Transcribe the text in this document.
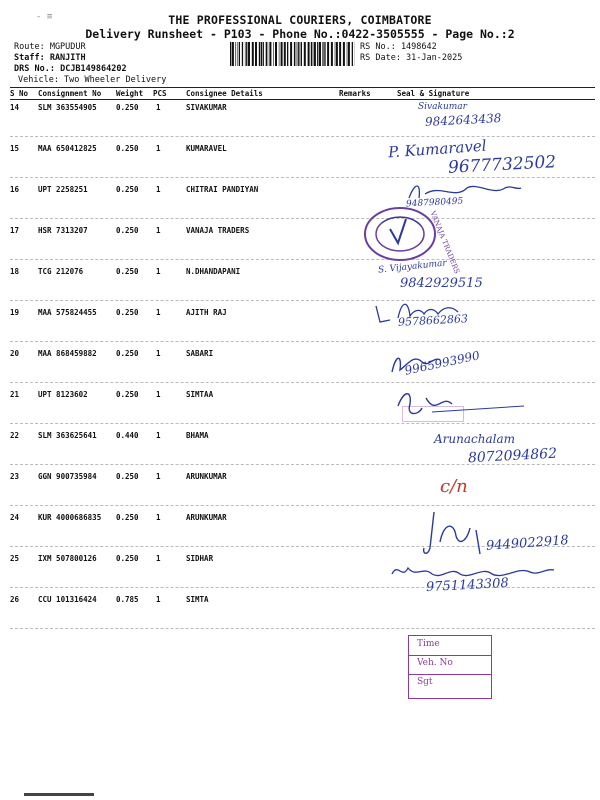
- ≡	THE PROFESSIONAL COURIERS, COIMBATORE
Delivery Runsheet - P103 - Phone No.:0422-3505555 - Page No.:2
Route: MGPUDUR
Staff: RANJITH
DRS No.: DCJB149864202
Vehicle: Two Wheeler Delivery
RS No.: 1498642
RS Date: 31-Jan-2025
S No Consignment No Weight PCS	Consignee Details	Remarks	Seal & Signature
14	SLM 363554905	0.250 1	SIVAKUMAR
15	MAA 650412825	0.250 1	KUMARAVEL
16	UPT 2258251	0.250 1	CHITRAI PANDIYAN
17	HSR 7313207	0.250 1	VANAJA TRADERS
18	TCG 212076	0.250 1	N.DHANDAPANI
19	MAA 575824455	0.250 1	AJITH RAJ
20	MAA 868459882	0.250 1	SABARI
21	UPT 8123602	0.250 1	SIMTAA
22	SLM 363625641	0.440 1	BHAMA
23	GGN 900735984	0.250 1	ARUNKUMAR
24	KUR 4000686835 0.250 1	ARUNKUMAR
25	IXM 507800126	0.250 1	SIDHAR
26	CCU 101316424	0.785 1	SIMTA
Sivakumar
9842643438
P. Kumaravel
9677732502
9487980495
VANAJA TRADERS
S. Vijayakumar
9842929515
9578662863
9965993990
Arunachalam
8072094862
c/n
9449022918
9751143308
Time
Veh. No
Sgt
